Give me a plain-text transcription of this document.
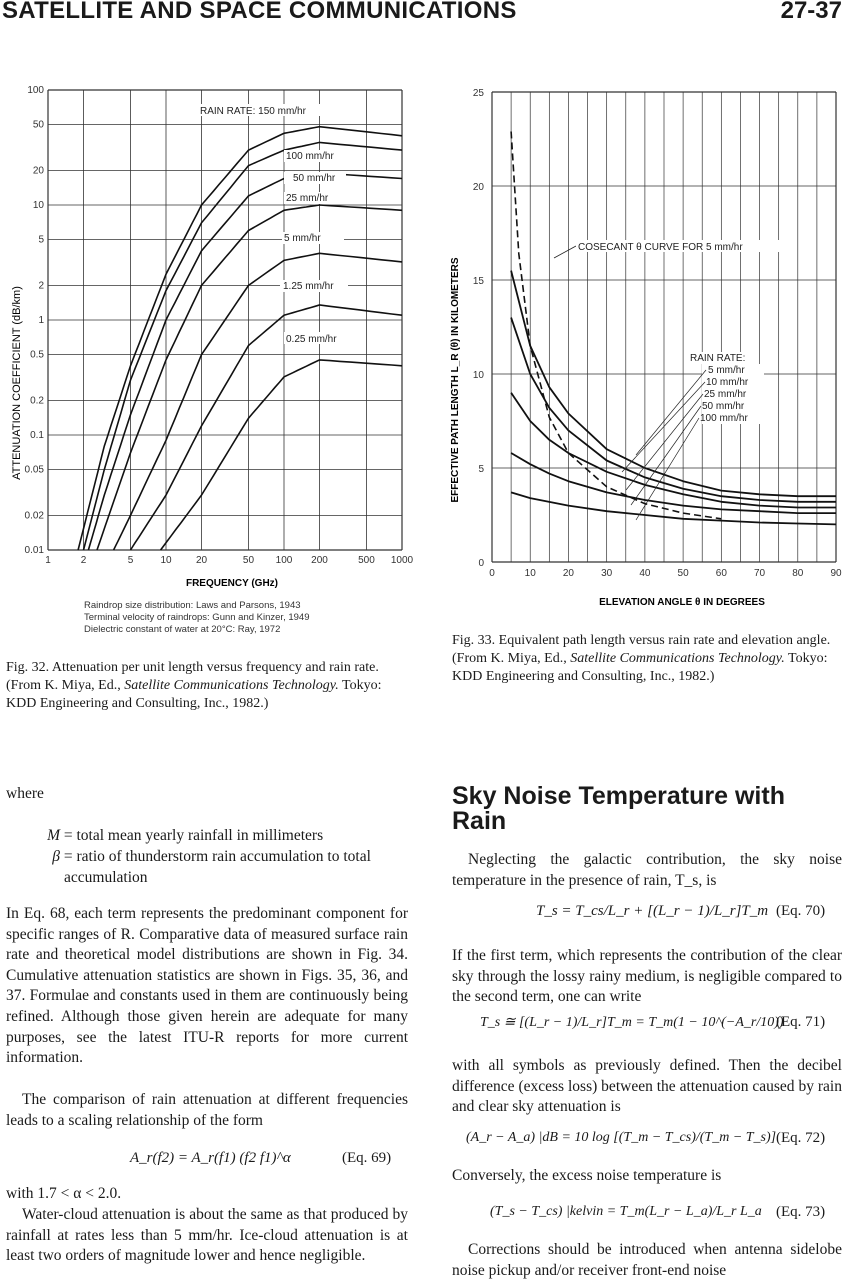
SATELLITE AND SPACE COMMUNICATIONS	27-37
100
50
20
10
5
2
1
0.5
0.2
0.1
0.05
0.02
0.01
1	2	5	10 20	50 100 200	500 1000
ATTENUATION COEFFICIENT (dB/km)
FREQUENCY (GHz)
RAIN RATE: 150 mm/hr
100 mm/hr
50 mm/hr
25 mm/hr
5 mm/hr
1.25 mm/hr
0.25 mm/hr
Raindrop size distribution: Laws and Parsons, 1943
Terminal velocity of raindrops: Gunn and Kinzer, 1949
Dielectric constant of water at 20°C: Ray, 1972
Fig. 32. Attenuation per unit length versus frequency and rain rate. (From K. Miya, Ed., Satellite Communications Technology. Tokyo: KDD Engineering and Consulting, Inc., 1982.)
25
20
15
10
5
0
0	10	20	30	40	50	60	70	80	90
EFFECTIVE PATH LENGTH L_R (θ) IN KILOMETERS
ELEVATION ANGLE θ IN DEGREES
COSECANT θ CURVE FOR 5 mm/hr
RAIN RATE:
5 mm/hr
10 mm/hr
25 mm/hr
50 mm/hr
100 mm/hr
Fig. 33. Equivalent path length versus rain rate and elevation angle. (From K. Miya, Ed., Satellite Communications Technology. Tokyo: KDD Engineering and Consulting, Inc., 1982.)

where

M = total mean yearly rainfall in millimeters
β = ratio of thunderstorm rain accumulation to total accumulation

In Eq. 68, each term represents the predominant component for specific ranges of R. Comparative data of measured surface rain rate and theoretical model distributions are shown in Fig. 34. Cumulative attenuation statistics are shown in Figs. 35, 36, and 37. Formulae and constants used in them are continuously being refined. Although those given herein are adequate for many purposes, see the latest ITU-R reports for more current information.

The comparison of rain attenuation at different frequencies leads to a scaling relationship of the form

A_r(f2) = A_r(f1) (f2 f1)^α	(Eq. 69)

with 1.7 < α < 2.0.

Water-cloud attenuation is about the same as that produced by rainfall at rates less than 5 mm/hr. Ice-cloud attenuation is at least two orders of magnitude lower and hence negligible.

Sky Noise Temperature with Rain

Neglecting the galactic contribution, the sky noise temperature in the presence of rain, T_s, is

T_s = T_cs/L_r + [(L_r − 1)/L_r]T_m (Eq. 70)

If the first term, which represents the contribution of the clear sky through the lossy rainy medium, is negligible compared to the second term, one can write

T_s ≅ [(L_r − 1)/L_r]T_m = T_m(1 − 10^(−A_r/10))
(Eq. 71)

with all symbols as previously defined. Then the decibel difference (excess loss) between the attenuation caused by rain and clear sky attenuation is

(A_r − A_a) |dB = 10 log [(T_m − T_cs)/(T_m − T_s)] (Eq. 72)

Conversely, the excess noise temperature is

(T_s − T_cs) |kelvin = T_m(L_r − L_a)/L_r L_a (Eq. 73)

Corrections should be introduced when antenna sidelobe noise pickup and/or receiver front-end noise
